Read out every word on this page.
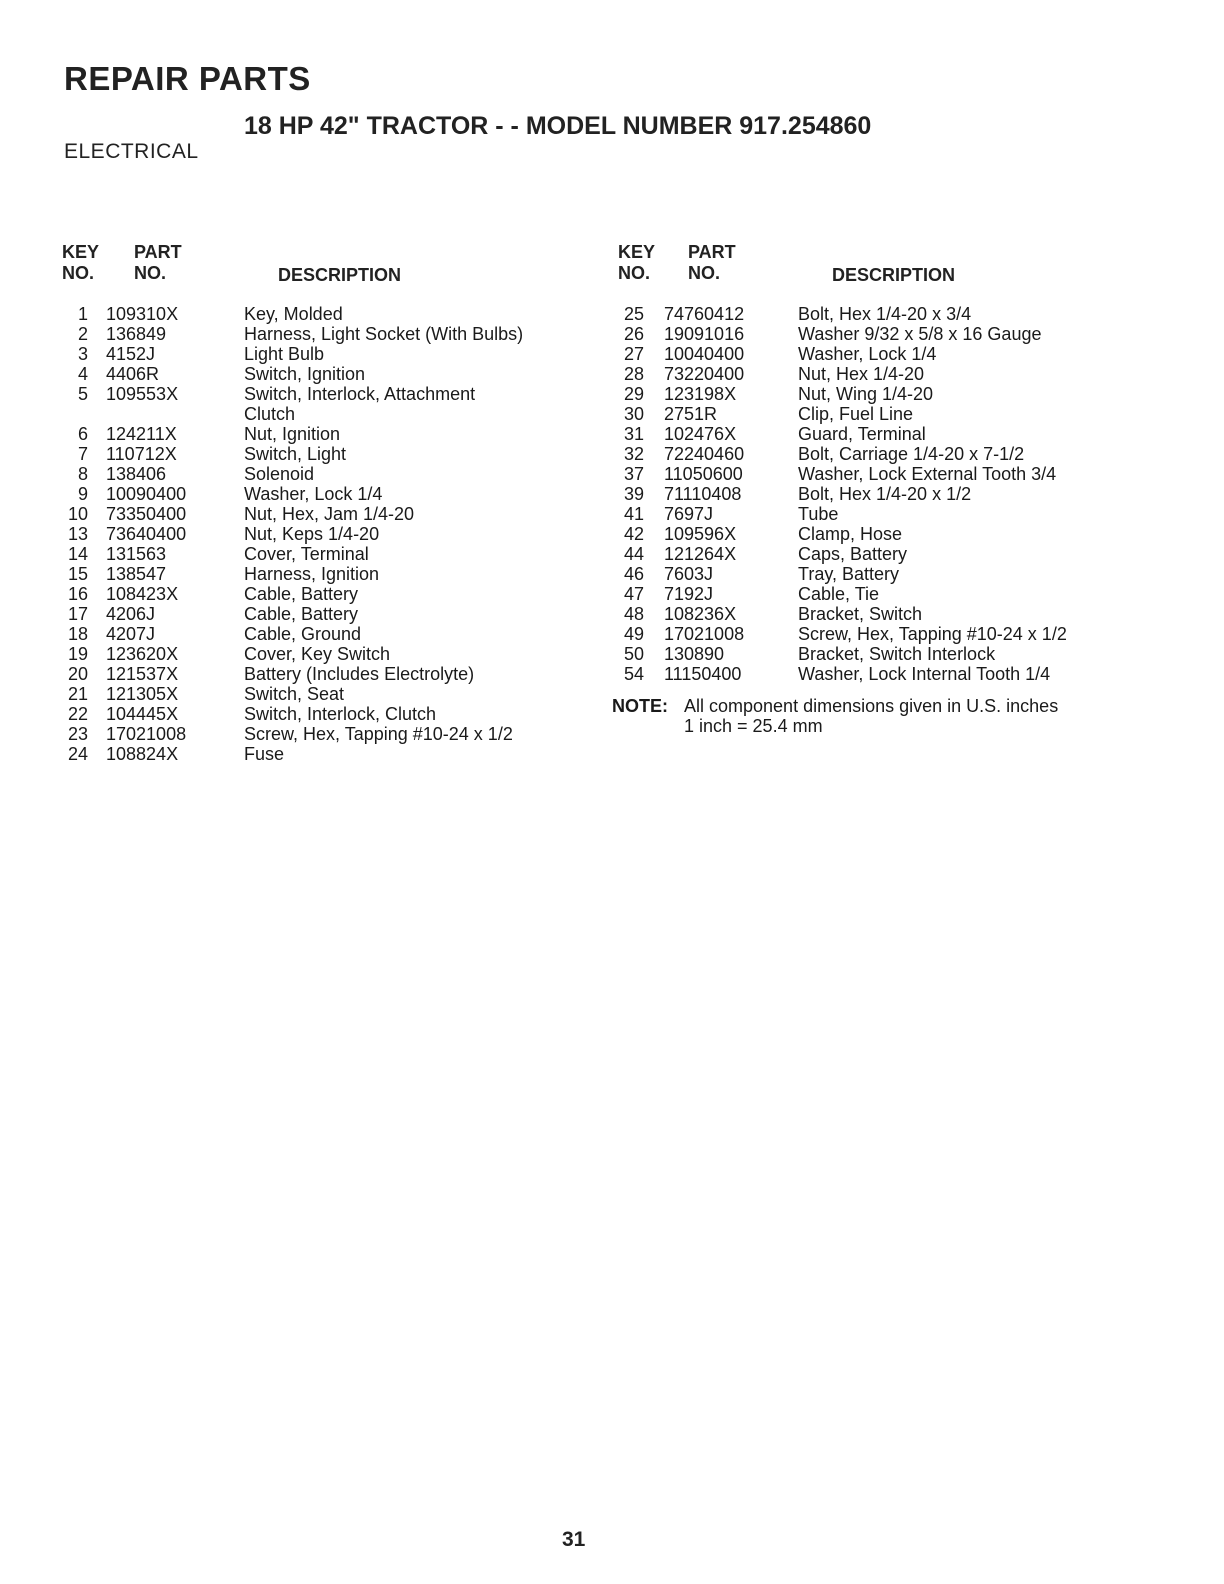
REPAIR PARTS
18 HP 42" TRACTOR - - MODEL NUMBER 917.254860
ELECTRICAL
KEY
NO.
PART
NO.	DESCRIPTION
1 109310X	Key, Molded
2 136849	Harness, Light Socket (With Bulbs)
3 4152J	Light Bulb
4 4406R	Switch, Ignition
5 109553X	Switch, Interlock, Attachment
Clutch
6 124211X	Nut, Ignition
7 110712X	Switch, Light
8 138406	Solenoid
9 10090400	Washer, Lock 1/4
10 73350400	Nut, Hex, Jam 1/4-20
13 73640400	Nut, Keps 1/4-20
14 131563	Cover, Terminal
15 138547	Harness, Ignition
16 108423X	Cable, Battery
17 4206J	Cable, Battery
18 4207J	Cable, Ground
19 123620X	Cover, Key Switch
20 121537X	Battery (Includes Electrolyte)
21 121305X	Switch, Seat
22 104445X	Switch, Interlock, Clutch
23 17021008	Screw, Hex, Tapping #10-24 x 1/2
24 108824X	Fuse
KEY
NO.
PART
NO.	DESCRIPTION
25 74760412	Bolt, Hex 1/4-20 x 3/4
26 19091016	Washer 9/32 x 5/8 x 16 Gauge
27 10040400	Washer, Lock 1/4
28 73220400	Nut, Hex 1/4-20
29 123198X	Nut, Wing 1/4-20
30 2751R	Clip, Fuel Line
31 102476X	Guard, Terminal
32 72240460	Bolt, Carriage 1/4-20 x 7-1/2
37 11050600	Washer, Lock External Tooth 3/4
39 71110408	Bolt, Hex 1/4-20 x 1/2
41 7697J	Tube
42 109596X	Clamp, Hose
44 121264X	Caps, Battery
46 7603J	Tray, Battery
47 7192J	Cable, Tie
48 108236X	Bracket, Switch
49 17021008	Screw, Hex, Tapping #10-24 x 1/2
50 130890	Bracket, Switch Interlock
54 11150400	Washer, Lock Internal Tooth 1/4
NOTE: All component dimensions given in U.S. inches
1 inch = 25.4 mm
31
